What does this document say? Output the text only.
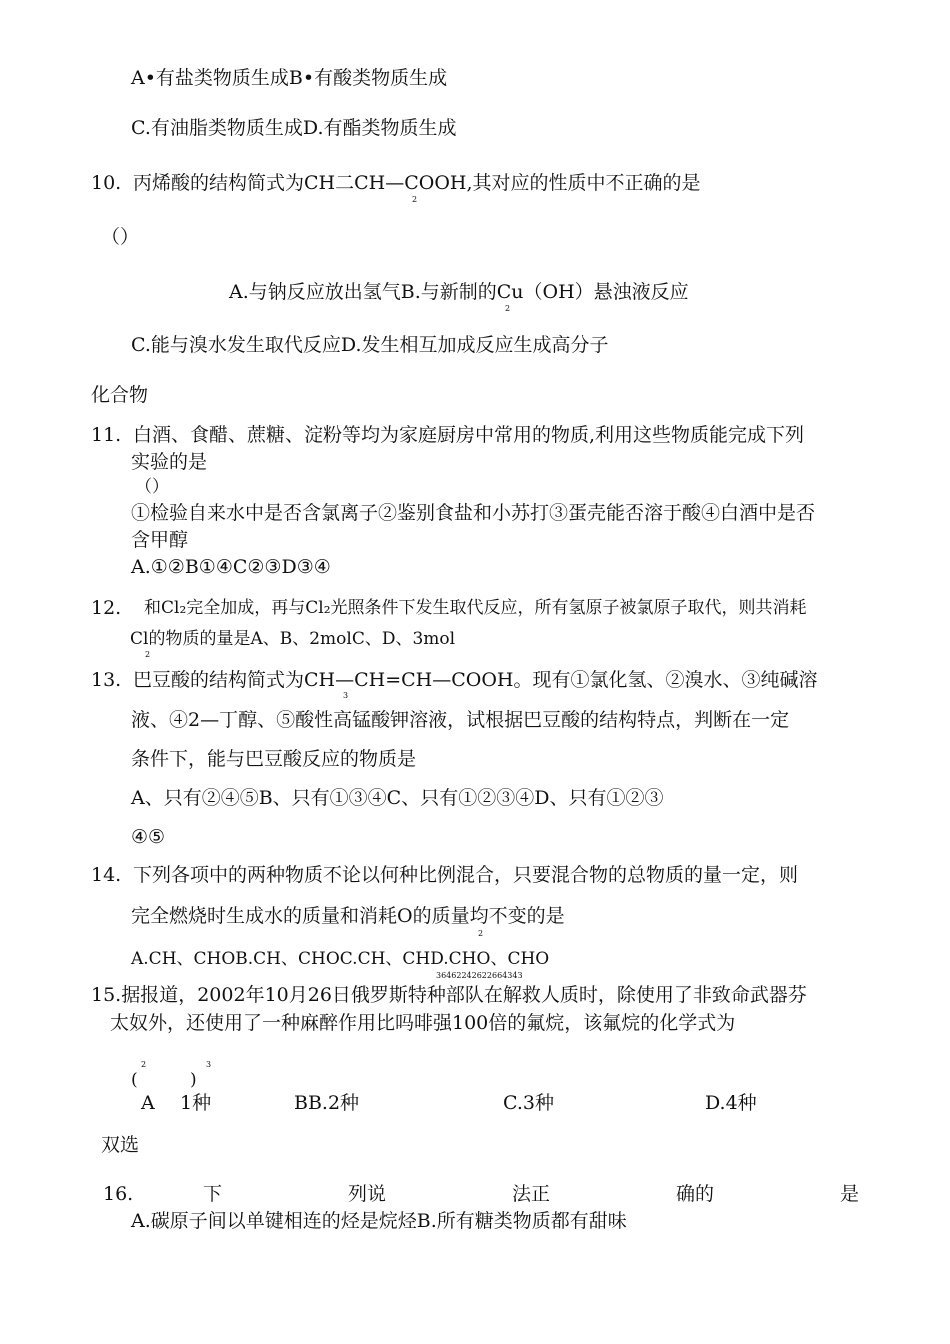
A•有盐类物质生成B•有酸类物质生成
C.有油脂类物质生成D.有酯类物质生成
10. 丙烯酸的结构简式为CH二CH—COOH,其对应的性质中不正确的是
2
（）
A.与钠反应放出氢气B.与新制的Cu（OH）悬浊液反应
2
C.能与溴水发生取代反应D.发生相互加成反应生成高分子
化合物
11. 白酒、食醋、蔗糖、淀粉等均为家庭厨房中常用的物质,利用这些物质能完成下列
实验的是
（）
①检验自来水中是否含氯离子②鉴别食盐和小苏打③蛋壳能否溶于酸④白酒中是否
含甲醇
A.①②B①④C②③D③④
12. 和Cl₂完全加成，再与Cl₂光照条件下发生取代反应，所有氢原子被氯原子取代，则共消耗
Cl的物质的量是A、B、2molC、D、3mol
2
13. 巴豆酸的结构简式为CH—CH=CH—COOH。现有①氯化氢、②溴水、③纯碱溶
3
液、④2—丁醇、⑤酸性高锰酸钾溶液，试根据巴豆酸的结构特点，判断在一定
条件下，能与巴豆酸反应的物质是
A、只有②④⑤B、只有①③④C、只有①②③④D、只有①②③
④⑤
14. 下列各项中的两种物质不论以何种比例混合，只要混合物的总物质的量一定，则
完全燃烧时生成水的质量和消耗O的质量均不变的是
2
A.CH、CHOB.CH、CHOC.CH、CHD.CHO、CHO
3646224262266434З
15.据报道，2002年10月26日俄罗斯特种部队在解救人质时，除使用了非致命武器芬
太奴外，还使用了一种麻醉作用比吗啡强100倍的氟烷，该氟烷的化学式为
2	3
(	)
A 1种	BB.2种	C.3种	D.4种
双选
16.	下	列说	法正	确的	是
A.碳原子间以单键相连的烃是烷烃B.所有糖类物质都有甜味
